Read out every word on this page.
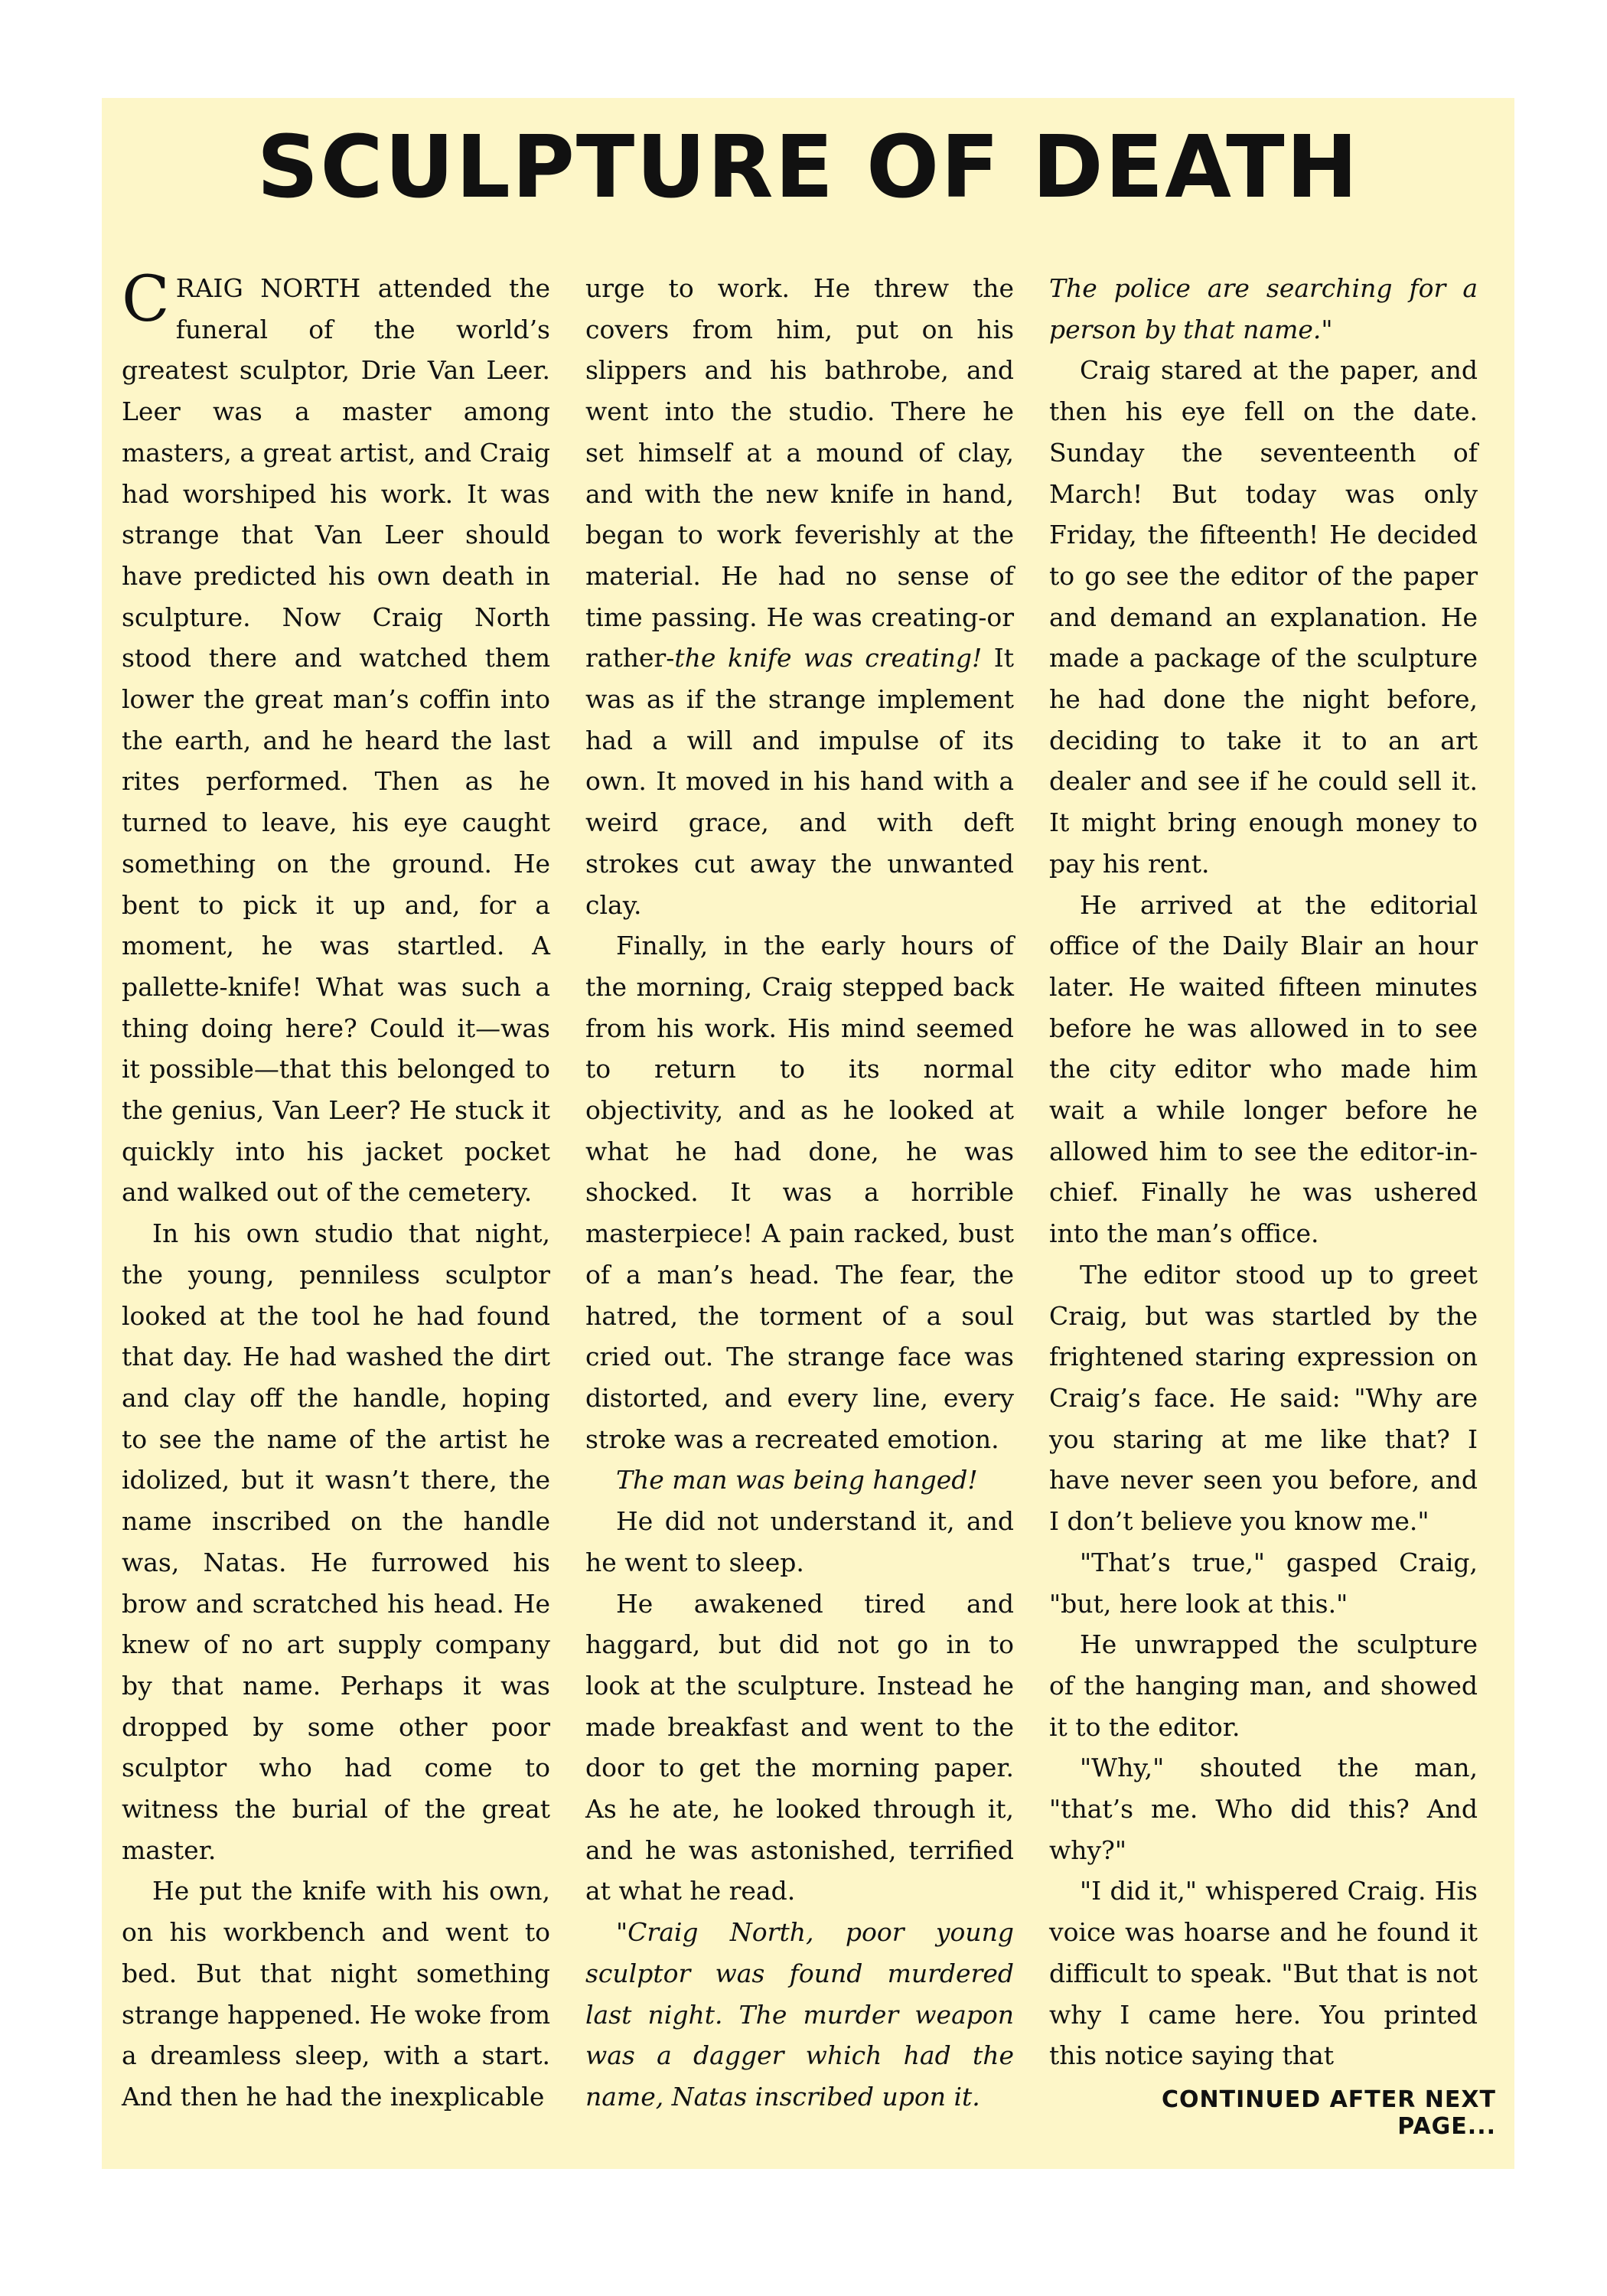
SCULPTURE OF DEATH

CRAIG NORTH attended the funeral of the world’s greatest sculptor, Drie Van Leer. Leer was a master among masters, a great artist, and Craig had worshiped his work. It was strange that Van Leer should have predicted his own death in sculpture. Now Craig North stood there and watched them lower the great man’s coffin into the earth, and he heard the last rites performed. Then as he turned to leave, his eye caught something on the ground. He bent to pick it up and, for a moment, he was startled. A pallette-knife! What was such a thing doing here? Could it—was it possible—that this belonged to the genius, Van Leer? He stuck it quickly into his jacket pocket and walked out of the cemetery.

In his own studio that night, the young, penniless sculptor looked at the tool he had found that day. He had washed the dirt and clay off the handle, hoping to see the name of the artist he idolized, but it wasn’t there, the name inscribed on the handle was, Natas. He furrowed his brow and scratched his head. He knew of no art supply company by that name. Perhaps it was dropped by some other poor sculptor who had come to witness the burial of the great master.

He put the knife with his own, on his workbench and went to bed. But that night something strange happened. He woke from a dreamless sleep, with a start. And then he had the inexplicable

urge to work. He threw the covers from him, put on his slippers and his bathrobe, and went into the studio. There he set himself at a mound of clay, and with the new knife in hand, began to work feverishly at the material. He had no sense of time passing. He was creating-or rather-the knife was creating! It was as if the strange implement had a will and impulse of its own. It moved in his hand with a weird grace, and with deft strokes cut away the unwanted clay.

Finally, in the early hours of the morning, Craig stepped back from his work. His mind seemed to return to its normal objectivity, and as he looked at what he had done, he was shocked. It was a horrible masterpiece! A pain racked, bust of a man’s head. The fear, the hatred, the torment of a soul cried out. The strange face was distorted, and every line, every stroke was a recreated emotion.

The man was being hanged!

He did not understand it, and he went to sleep.

He awakened tired and haggard, but did not go in to look at the sculpture. Instead he made breakfast and went to the door to get the morning paper. As he ate, he looked through it, and he was astonished, terrified at what he read.

"Craig North, poor young sculptor was found murdered last night. The murder weapon was a dagger which had the name, Natas inscribed upon it.

The police are searching for a person by that name."

Craig stared at the paper, and then his eye fell on the date. Sunday the seventeenth of March! But today was only Friday, the fifteenth! He decided to go see the editor of the paper and demand an explanation. He made a package of the sculpture he had done the night before, deciding to take it to an art dealer and see if he could sell it. It might bring enough money to pay his rent.

He arrived at the editorial office of the Daily Blair an hour later. He waited fifteen minutes before he was allowed in to see the city editor who made him wait a while longer before he allowed him to see the editor-in-chief. Finally he was ushered into the man’s office.

The editor stood up to greet Craig, but was startled by the frightened staring expression on Craig’s face. He said: "Why are you staring at me like that? I have never seen you before, and I don’t believe you know me."

"That’s true," gasped Craig, "but, here look at this."

He unwrapped the sculpture of the hanging man, and showed it to the editor.

"Why," shouted the man, "that’s me. Who did this? And why?"

"I did it," whispered Craig. His voice was hoarse and he found it difficult to speak. "But that is not why I came here. You printed this notice saying that

CONTINUED AFTER NEXT PAGE...
